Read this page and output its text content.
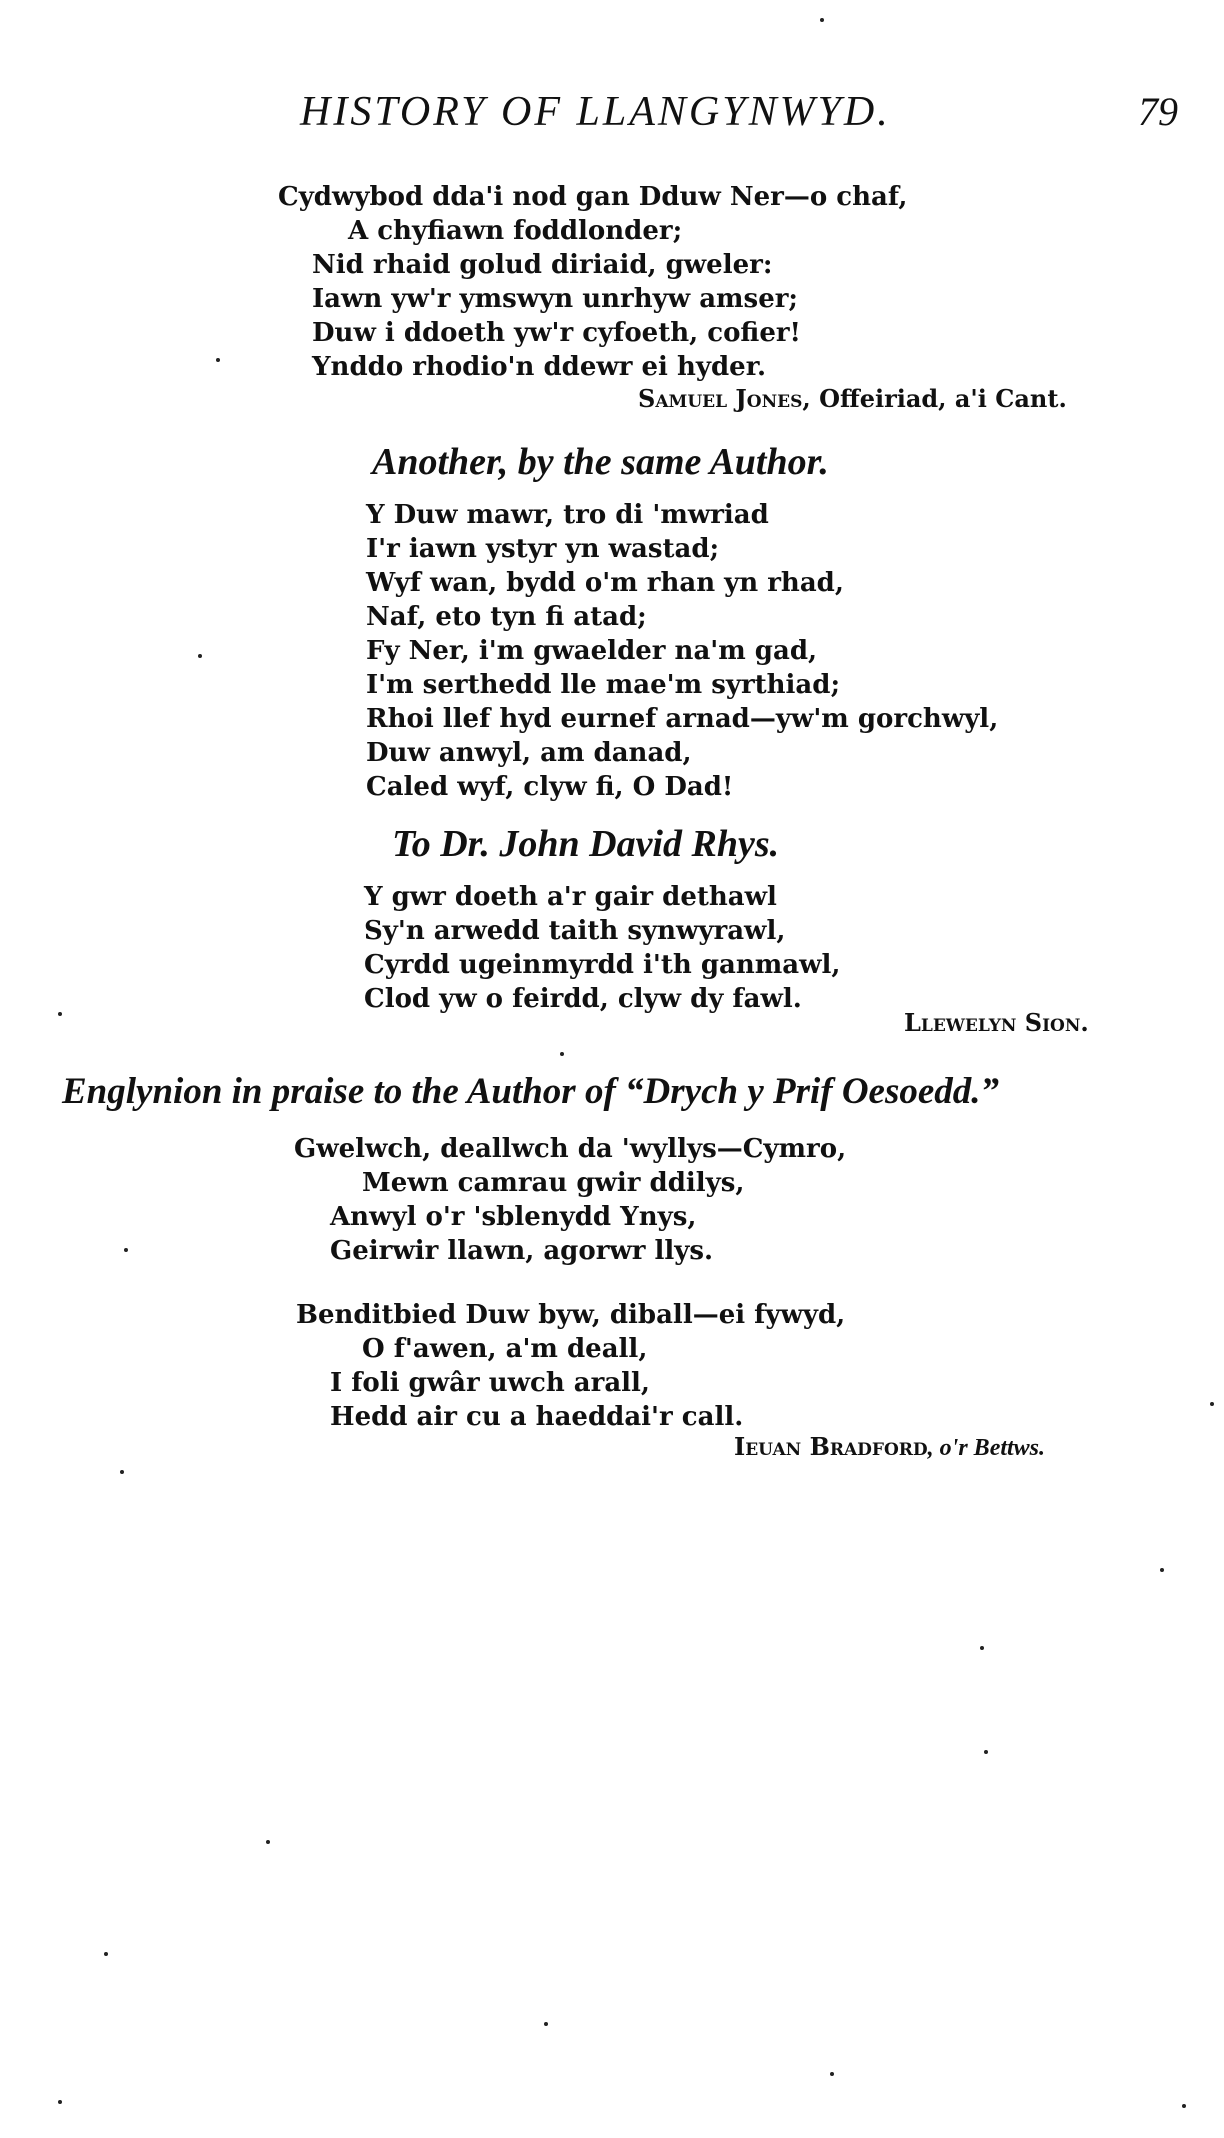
HISTORY OF LLANGYNWYD.	79
Cydwybod dda'i nod gan Dduw Ner—o chaf,
A chyfiawn foddlonder;
Nid rhaid golud diriaid, gweler:
Iawn yw'r ymswyn unrhyw amser;
Duw i ddoeth yw'r cyfoeth, cofier!
Ynddo rhodio'n ddewr ei hyder.
Samuel Jones, Offeiriad, a'i Cant.
Another, by the same Author.
Y Duw mawr, tro di 'mwriad
I'r iawn ystyr yn wastad;
Wyf wan, bydd o'm rhan yn rhad,
Naf, eto tyn fi atad;
Fy Ner, i'm gwaelder na'm gad,
I'm serthedd lle mae'm syrthiad;
Rhoi llef hyd eurnef arnad—yw'm gorchwyl,
Duw anwyl, am danad,
Caled wyf, clyw fi, O Dad!
To Dr. John David Rhys.
Y gwr doeth a'r gair dethawl
Sy'n arwedd taith synwyrawl,
Cyrdd ugeinmyrdd i'th ganmawl,
Clod yw o feirdd, clyw dy fawl.
Llewelyn Sion.
Englynion in praise to the Author of “Drych y Prif Oesoedd.”
Gwelwch, deallwch da 'wyllys—Cymro,
Mewn camrau gwir ddilys,
Anwyl o'r 'sblenydd Ynys,
Geirwir llawn, agorwr llys.
Benditbied Duw byw, diball—ei fywyd,
O f'awen, a'm deall,
I foli gwâr uwch arall,
Hedd air cu a haeddai'r call.
Ieuan Bradford, o'r Bettws.
